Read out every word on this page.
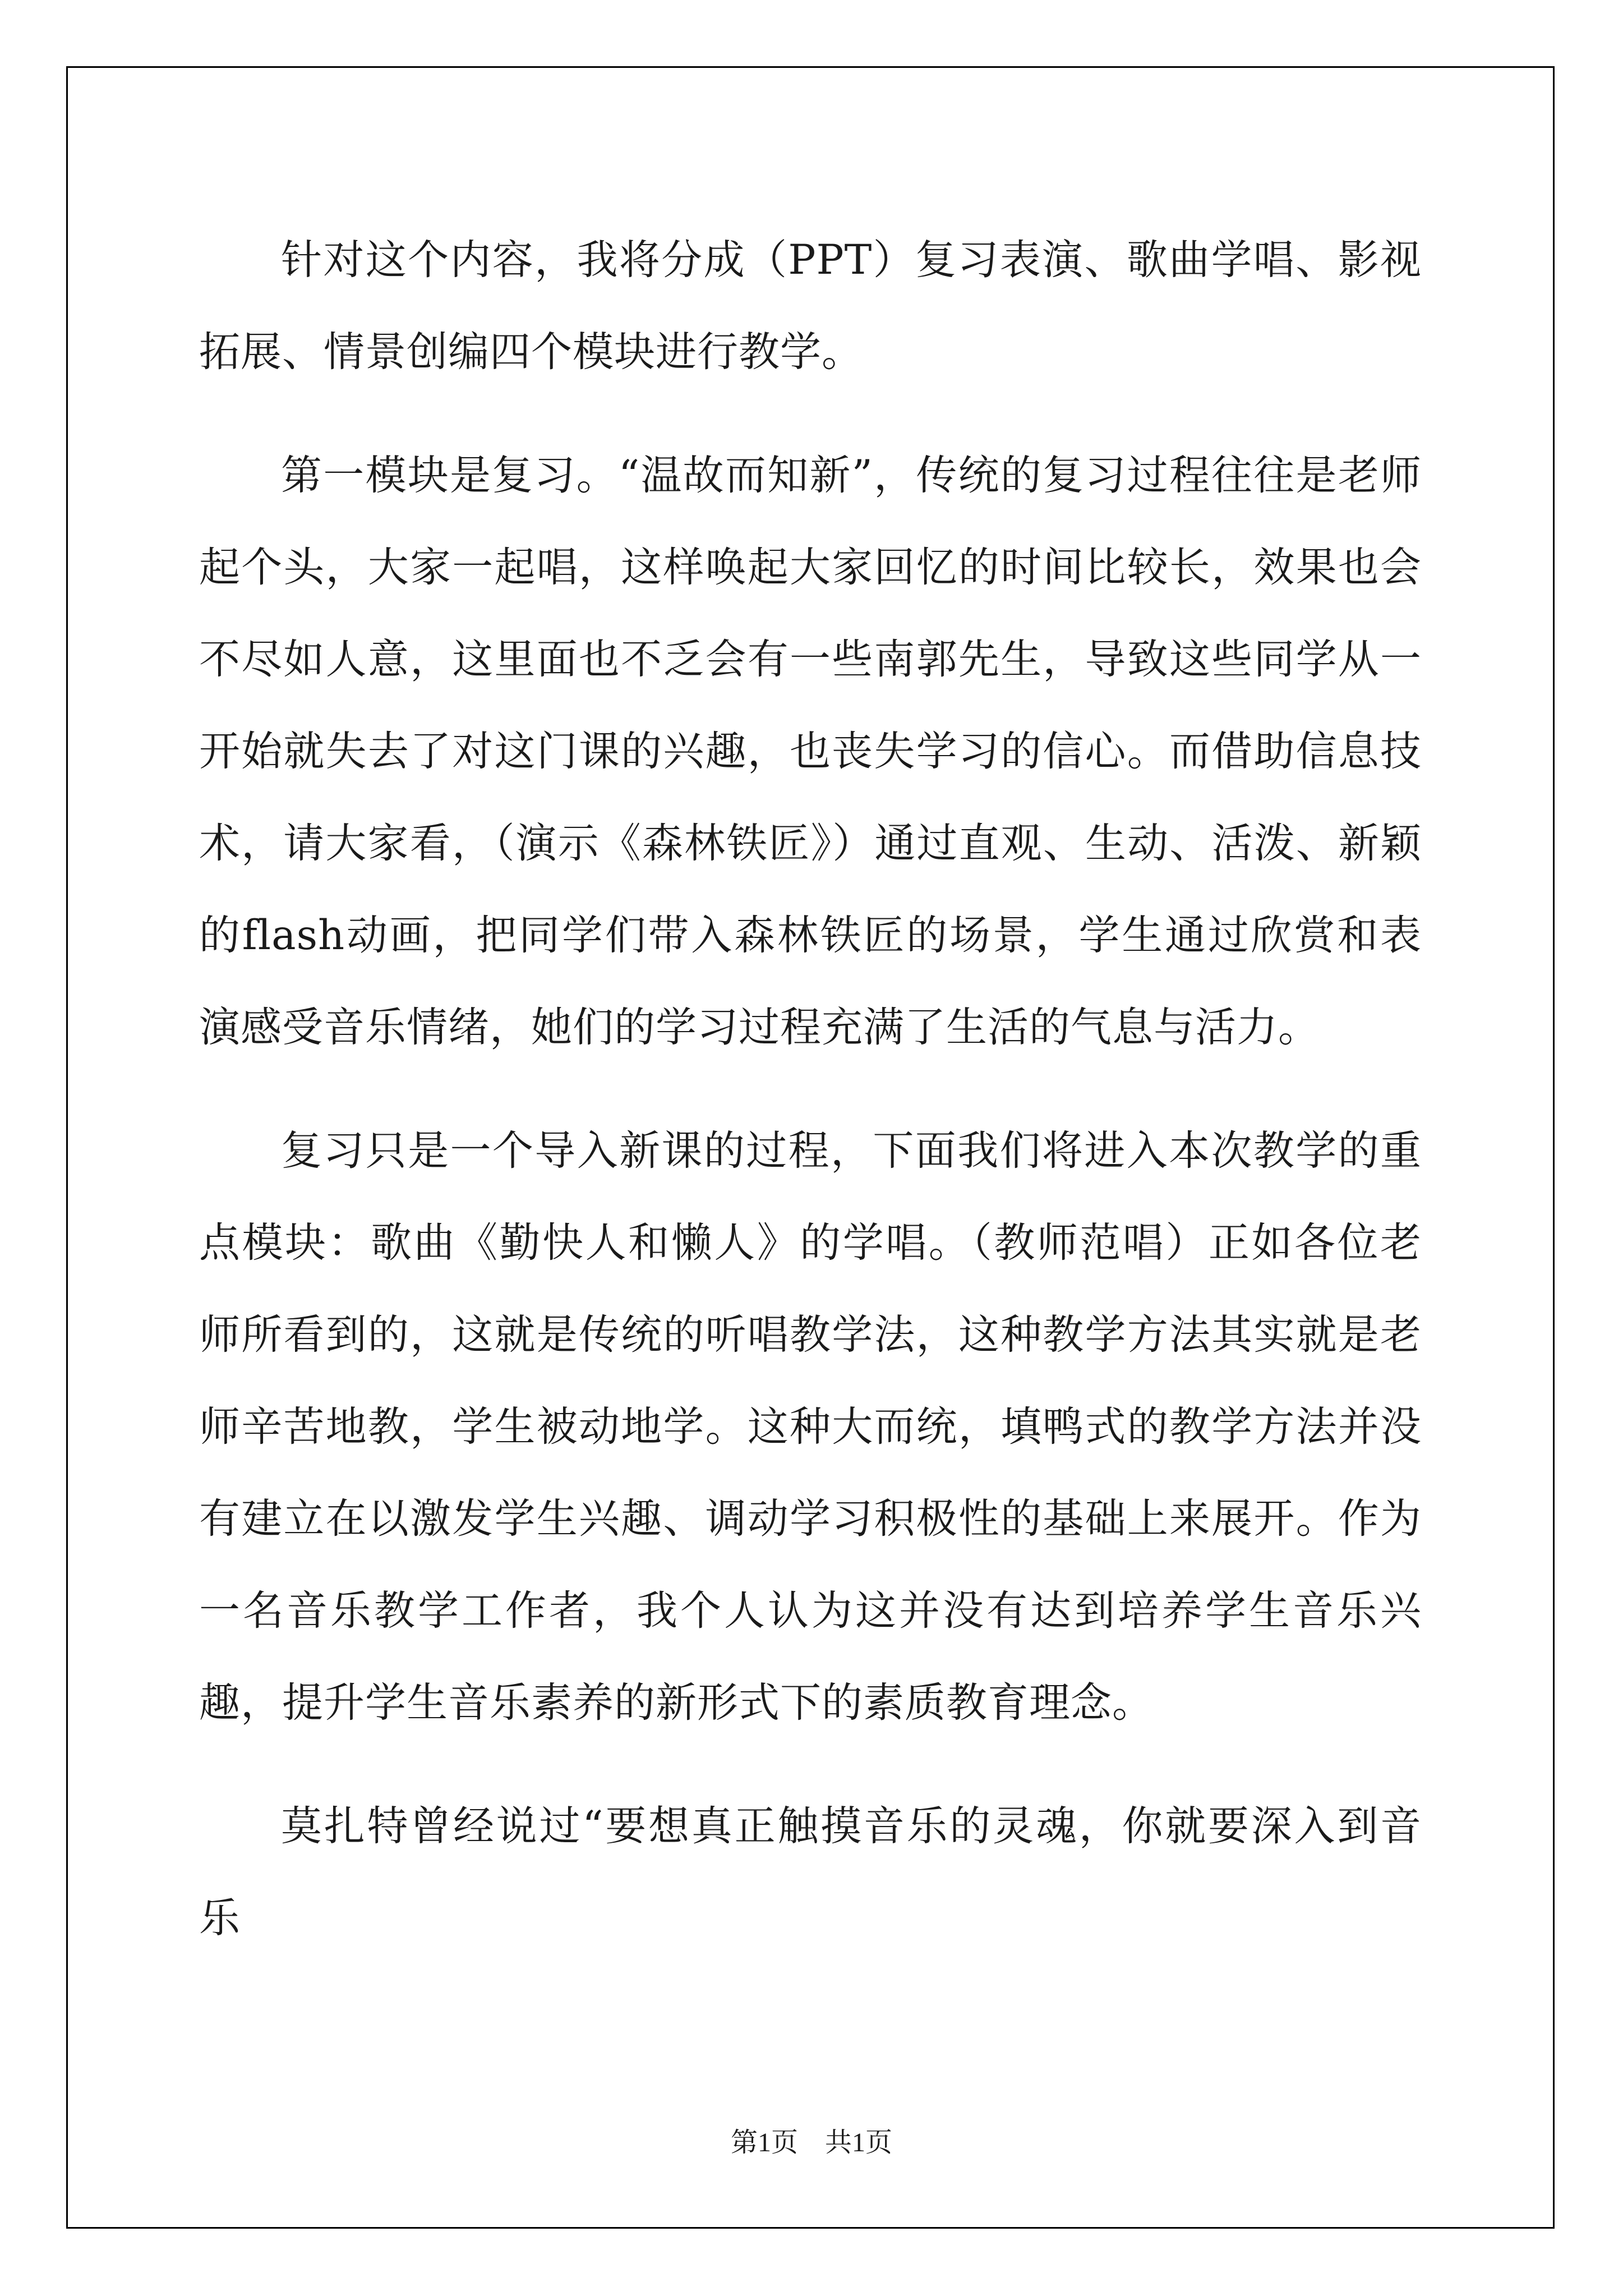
针对这个内容，我将分成（PPT）复习表演、歌曲学唱、影视拓展、情景创编四个模块进行教学。

第一模块是复习。“温故而知新”，传统的复习过程往往是老师起个头，大家一起唱，这样唤起大家回忆的时间比较长，效果也会不尽如人意，这里面也不乏会有一些南郭先生，导致这些同学从一开始就失去了对这门课的兴趣，也丧失学习的信心。而借助信息技术，请大家看，（演示《森林铁匠》）通过直观、生动、活泼、新颖的flash动画，把同学们带入森林铁匠的场景，学生通过欣赏和表演感受音乐情绪，她们的学习过程充满了生活的气息与活力。

复习只是一个导入新课的过程，下面我们将进入本次教学的重点模块：歌曲《勤快人和懒人》的学唱。（教师范唱）正如各位老师所看到的，这就是传统的听唱教学法，这种教学方法其实就是老师辛苦地教，学生被动地学。这种大而统，填鸭式的教学方法并没有建立在以激发学生兴趣、调动学习积极性的基础上来展开。作为一名音乐教学工作者，我个人认为这并没有达到培养学生音乐兴趣，提升学生音乐素养的新形式下的素质教育理念。

莫扎特曾经说过“要想真正触摸音乐的灵魂，你就要深入到音乐

第1页 共1页
